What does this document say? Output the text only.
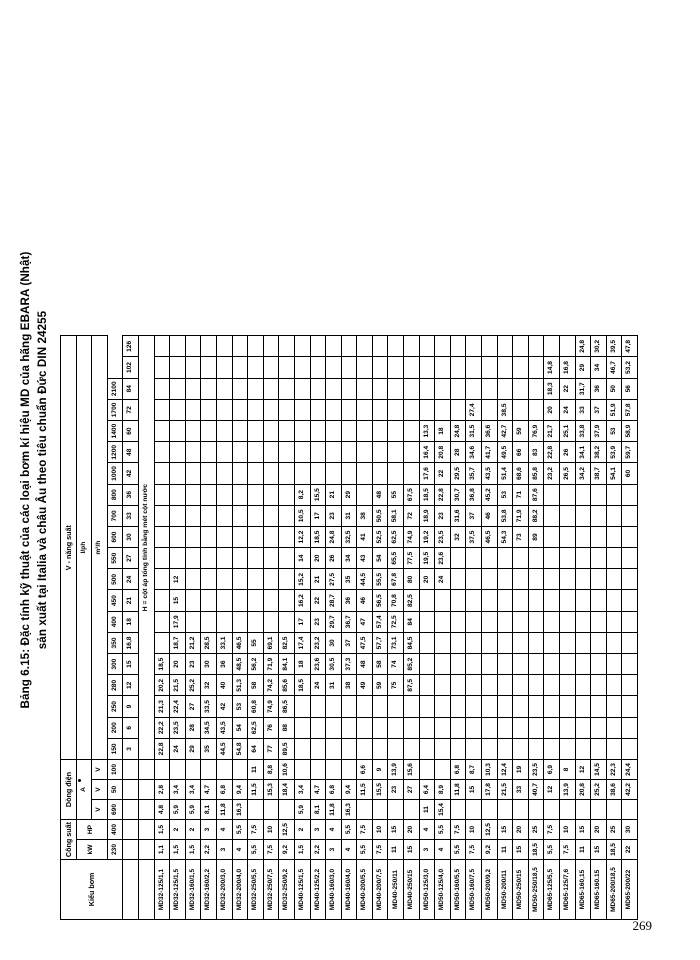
Bảng 6.15: Đặc tính kỹ thuật của các loại bơm kí hiệu MD của hãng EBARA (Nhật) sản xuất tại Italia và châu Âu theo tiêu chuẩn Đức DIN 24255
Kiểu bơm	Công suất		Dòng điện			V - năng suất																			
	kW	HP	A			l/ph																			
			V	V	V	m³/h																			
	230	400	690	50	100	150	200	250	280	300	350	400	450	500	550	600	700	800	1000	1200	1400	1700	2100		
						3	6	9	12	15	16,8	18	21	24	27	30	33	36	42	48	60	72	84	102	126
						H = cột áp tổng tính bằng mét cột nước																			
MD32-125/1,1	1,1	1,5	4,8	2,8		22,8	22,2	21,3	20,2	18,5															
MD32-125/1,5	1,5	2	5,9	3,4		24	23,5	22,4	21,5	20	18,7	17,9	15	12											
MD32-160/1,5	1,5	2	5,9	3,4		29	28	27	25,2	23	21,2														
MD32-160/2,2	2,2	3	8,1	4,7		35	34,5	33,5	32	30	28,5														
MD32-200/3,0	3	4	11,8	6,8		44,5	43,5	42	40	36	33,1														
MD32-200/4,0	4	5,5	16,3	9,4		54,8	54	53	51,3	48,5	46,5														
MD32-250/5,5	5,5	7,5		11,5	11	64	62,5	60,8	58	56,2	55														
MD32-250/7,5	7,5	10		15,3	8,8	77	76	74,9	74,2	71,9	69,1														
MD32-250/9,2	9,2	12,5		18,4	10,6	89,5	88	86,5	85,6	84,1	82,5														
MD40-125/1,5	1,5	2	5,9	3,4					18,5	18	17,4	17	16,2	15,2	14	12,2	10,5	8,2							
MD40-125/2,2	2,2	3	8,1	4,7					24	23,6	23,2	23	22	21	20	18,5	17	15,5							
MD40-160/3,0	3	4	11,8	6,8					31	30,5	30	29,7	28,7	27,5	26	24,8	23	21							
MD40-160/4,0	4	5,5	16,3	9,4					38	37,3	37	36,7	36	35	34	32,5	31	29							
MD40-200/5,5	5,5	7,5		11,5	6,6				49	48	47,5	47	46	44,5	43	41	38								
MD40-200/7,5	7,5	10		15,5	9				59	58	57,7	57,4	56,5	55,5	54	52,5	50,5	48							
MD40-250/11	11	15		23	13,9				75	74	73,1	72,5	70,8	67,8	65,5	62,5	58,1	55							
MD40-250/15	15	20		27	15,6				87,5	85,2	84,5	84	82,5	80	77,5	74,9	72	67,5							
MD50-125/3,0	3	4	11	6,4										20	19,5	19,2	18,9	18,5	17,6	16,4	13,3				
MD50-125/4,0	4	5,5	15,4	8,9										24	23,6	23,5	23	22,8	22	20,8	18				
MD50-160/5,5	5,5	7,5		11,8	6,8											32	31,6	30,7	29,5	28	24,8				
MD50-160/7,5	7,5	10		15	8,7											37,5	37	36,8	35,7	34,6	31,5	27,4			
MD50-200/9,2	9,2	12,5		17,8	10,3											46,5	46	45,2	43,5	41,7	36,6				
MD50-200/11	11	15		21,5	12,4											54,3	53,8	53	51,4	49,5	42,7	38,5			
MD50-250/15	15	20		33	19											73	71,9	71	68,6	66	59				
MD50-250/18,5	18,5	25		40,7	23,5											89	88,2	87,6	85,8	83	76,9				
MD65-125/5,5	5,5	7,5		12	6,9														23,2	22,8	21,7	20	18,3	14,8	
MD65-125/7,6	7,5	10		13,9	8														26,5	26	25,1	24	22	16,8	
MD65-160,15	11	15		20,8	12														34,2	34,1	33,8	33	31,7	29	24,8
MD65-160.15	15	20		25,2	14,5														38,7	38,2	37,9	37	36	34	30,2
MD65-200/18,5	18,5	25		38,6	22,3														54,1	53,9	53	51,9	50	46,7	39,5
MD65-200/22	22	30		42,2	24,4														60	59,7	58,9	57,8	56	53,2	47,8
269
